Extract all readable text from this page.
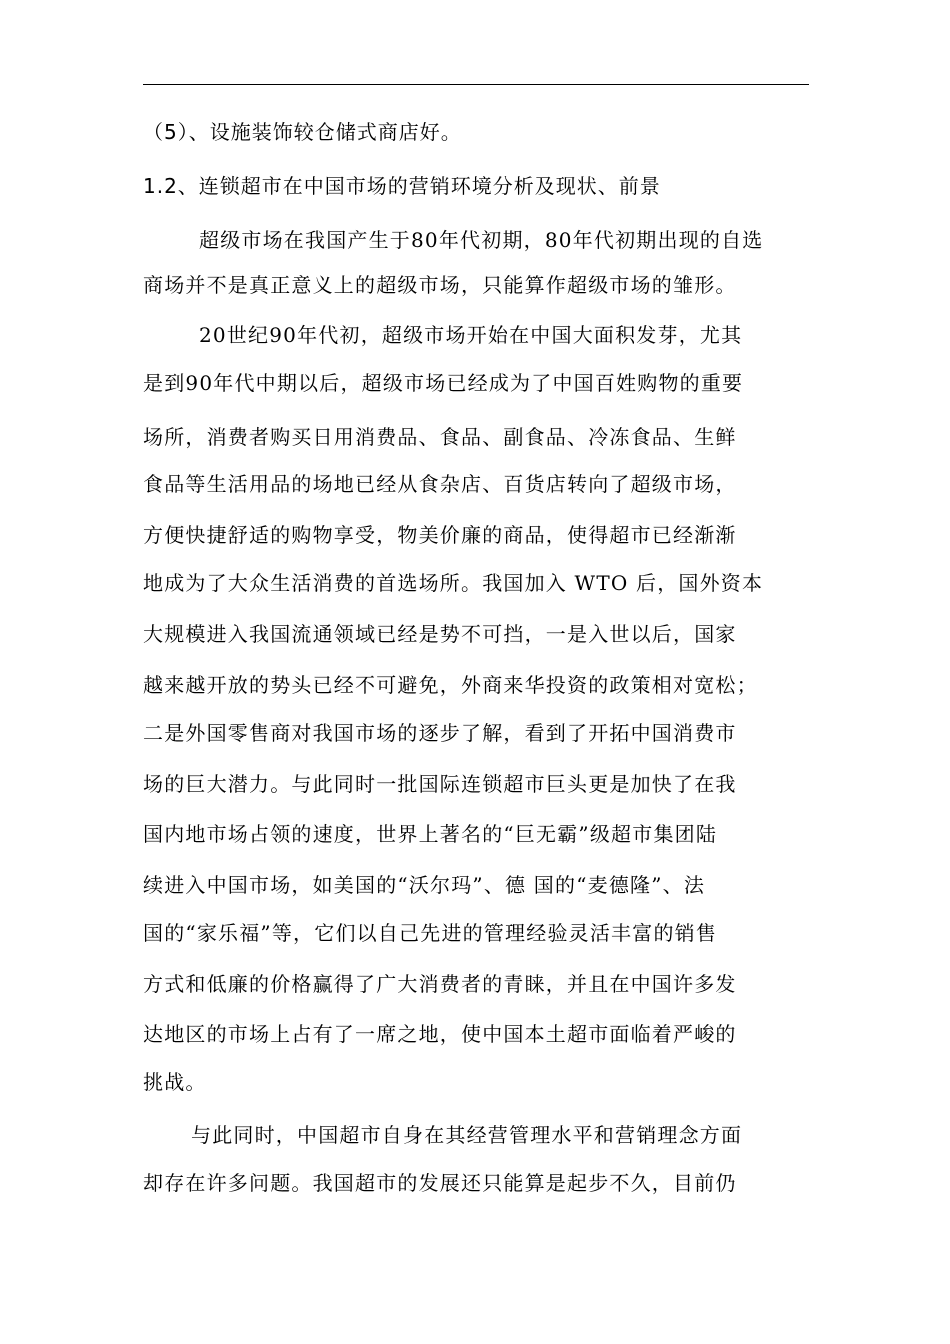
（5）、设施装饰较仓储式商店好。
1.2、连锁超市在中国市场的营销环境分析及现状、前景
超级市场在我国产生于80年代初期，80年代初期出现的自选
商场并不是真正意义上的超级市场，只能算作超级市场的雏形。
20世纪90年代初，超级市场开始在中国大面积发芽，尤其
是到90年代中期以后，超级市场已经成为了中国百姓购物的重要
场所，消费者购买日用消费品、食品、副食品、冷冻食品、生鲜
食品等生活用品的场地已经从食杂店、百货店转向了超级市场，
方便快捷舒适的购物享受，物美价廉的商品，使得超市已经渐渐
地成为了大众生活消费的首选场所。我国加入 WTO 后，国外资本
大规模进入我国流通领域已经是势不可挡，一是入世以后，国家
越来越开放的势头已经不可避免，外商来华投资的政策相对宽松；
二是外国零售商对我国市场的逐步了解，看到了开拓中国消费市
场的巨大潜力。与此同时一批国际连锁超市巨头更是加快了在我
国内地市场占领的速度，世界上著名的“巨无霸”级超市集团陆
续进入中国市场，如美国的“沃尔玛”、德 国的“麦德隆”、法
国的“家乐福”等，它们以自己先进的管理经验灵活丰富的销售
方式和低廉的价格赢得了广大消费者的青睐，并且在中国许多发
达地区的市场上占有了一席之地，使中国本土超市面临着严峻的
挑战。
与此同时，中国超市自身在其经营管理水平和营销理念方面
却存在许多问题。我国超市的发展还只能算是起步不久，目前仍
